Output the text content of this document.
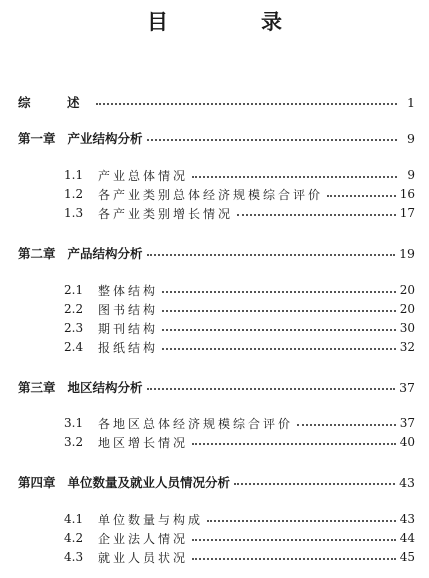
目　录
综　述	1
第一章 产业结构分析	9
1.1	产业总体情况	9
1.2	各产业类别总体经济规模综合评价	16
1.3	各产业类别增长情况	17
第二章 产品结构分析	19
2.1	整体结构	20
2.2	图书结构	20
2.3	期刊结构	30
2.4	报纸结构	32
第三章 地区结构分析	37
3.1	各地区总体经济规模综合评价	37
3.2	地区增长情况	40
第四章 单位数量及就业人员情况分析	43
4.1	单位数量与构成	43
4.2	企业法人情况	44
4.3	就业人员状况	45
